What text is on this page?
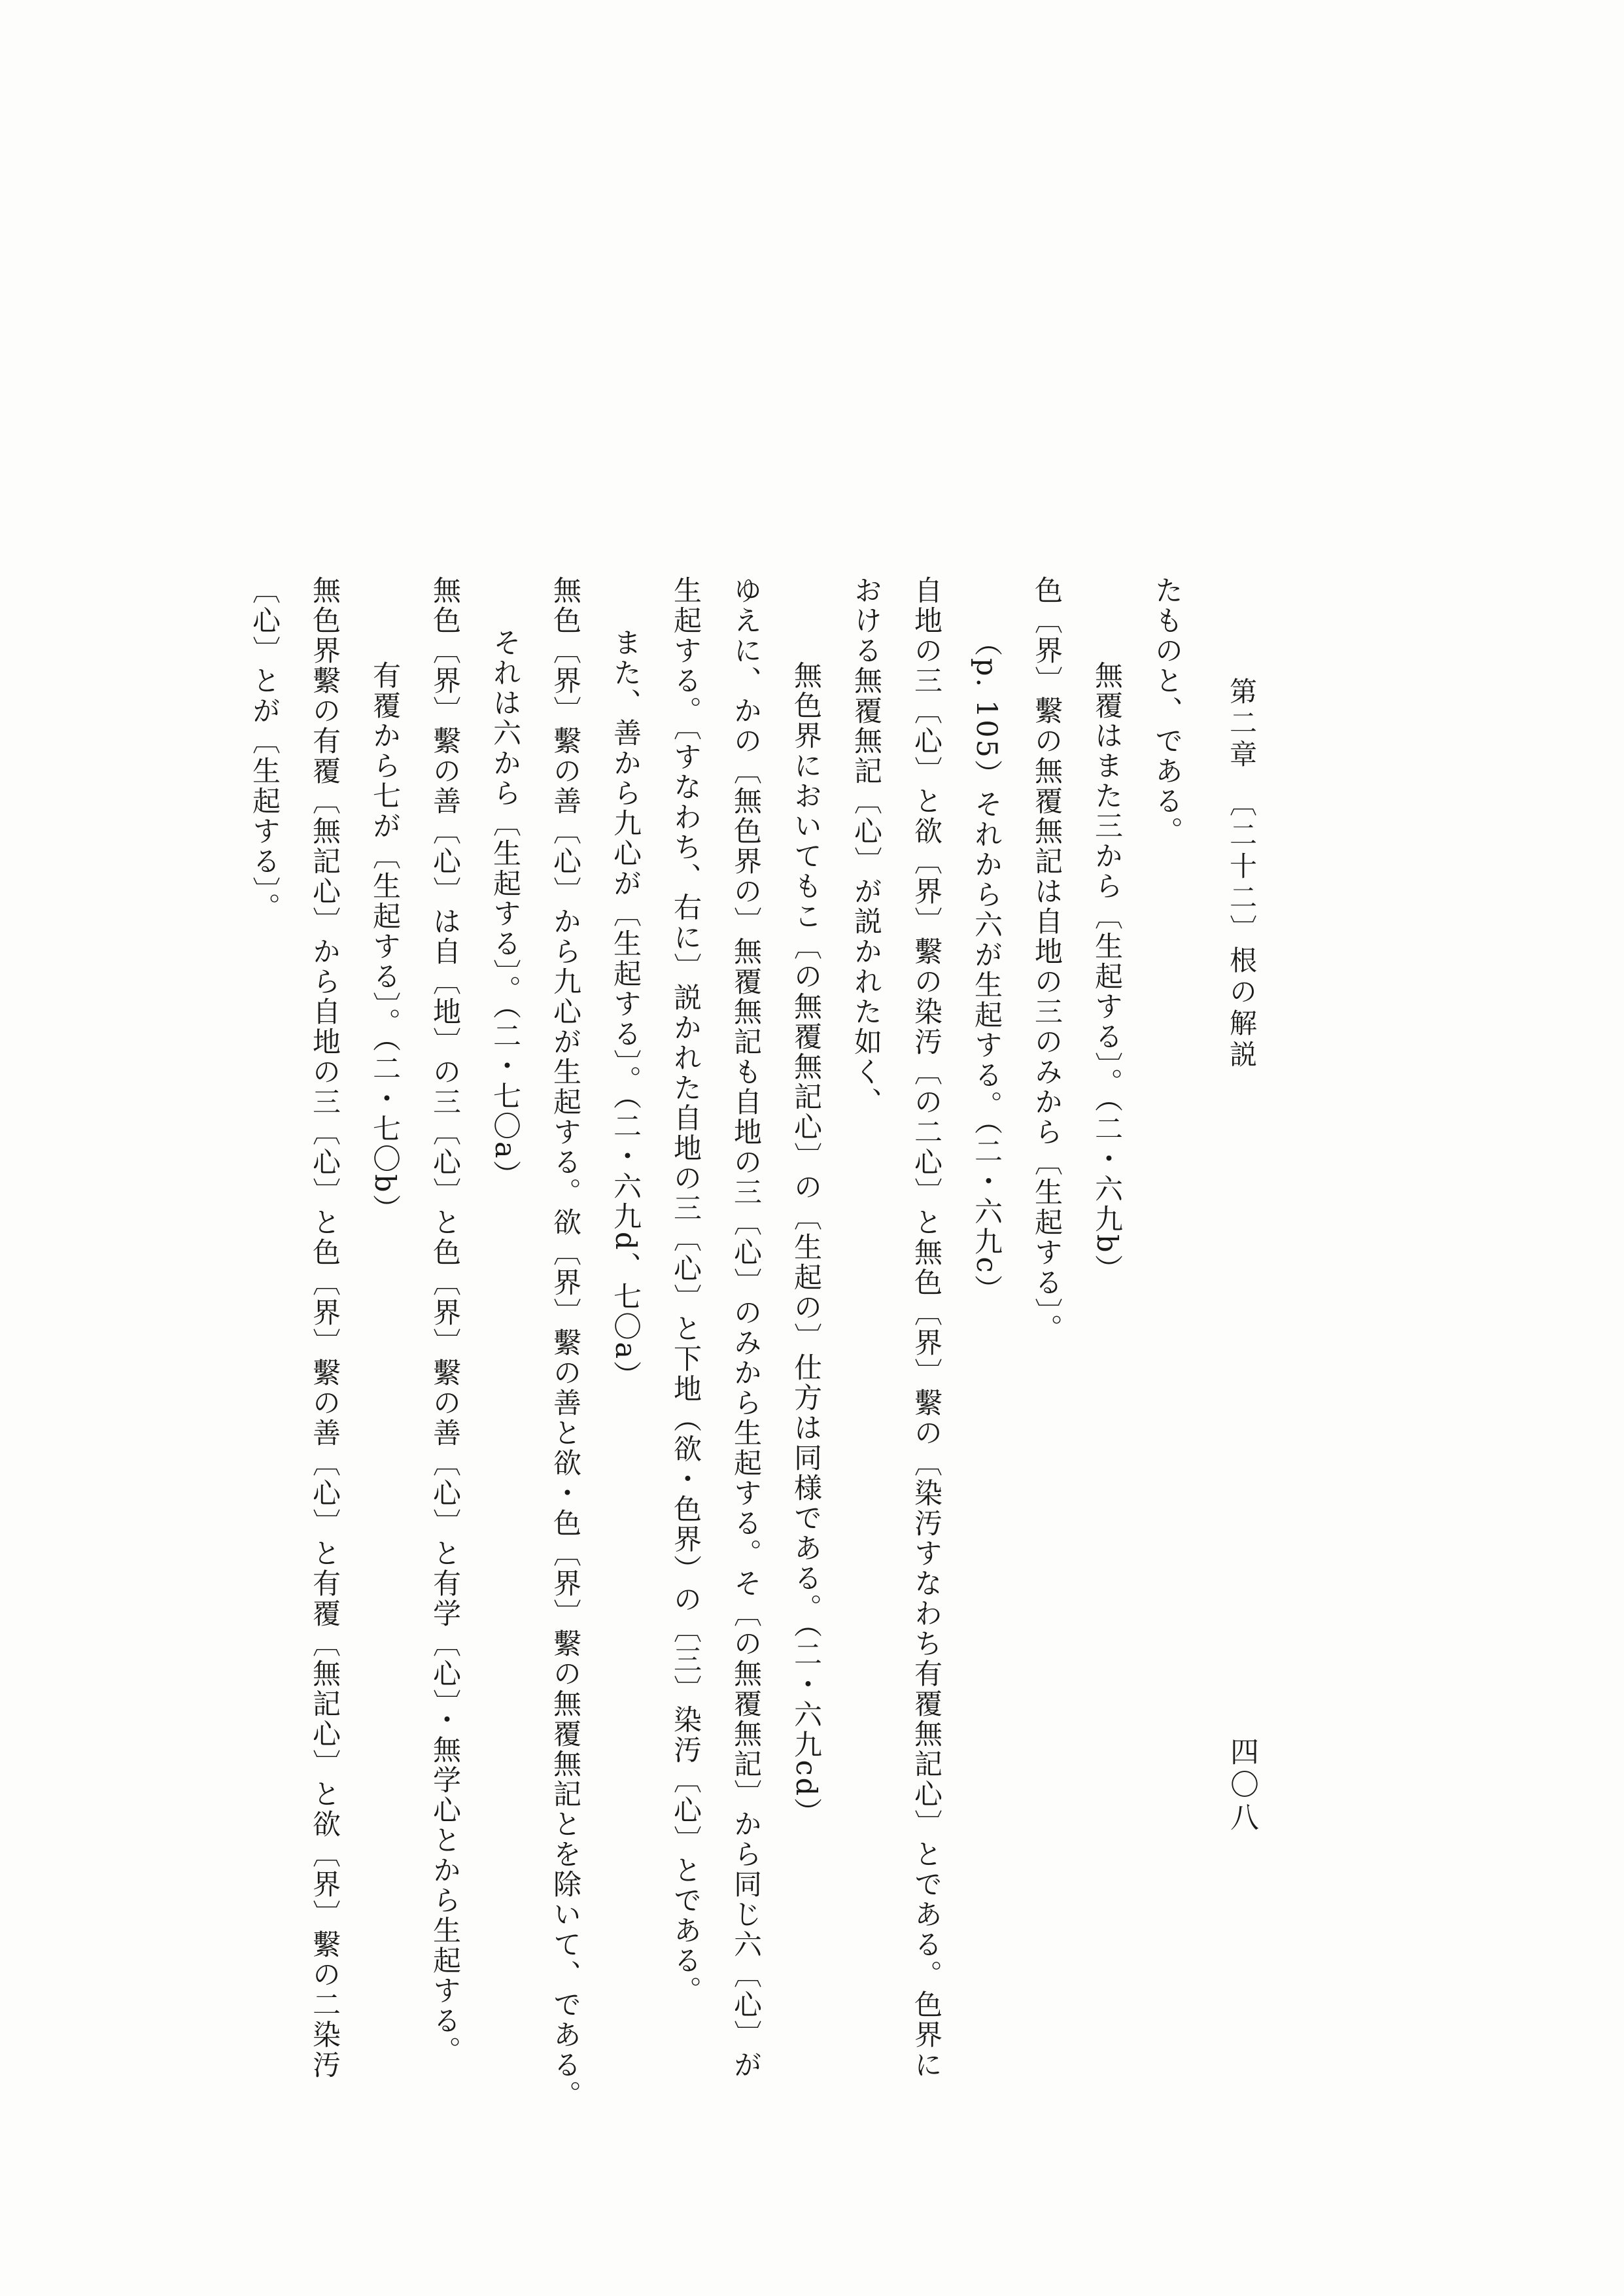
第二章　〔二十二〕根の解説
四〇八
たものと、である。
無覆はまた三から〔生起する〕。（二・六九b）
色〔界〕繫の無覆無記は自地の三のみから〔生起する〕。
（p. 105）それから六が生起する。（二・六九c）
自地の三〔心〕と欲〔界〕繫の染汚〔の二心〕と無色〔界〕繫の〔染汚すなわち有覆無記心〕とである。色界に
おける無覆無記〔心〕が説かれた如く、
無色界においてもこ〔の無覆無記心〕の〔生起の〕仕方は同様である。（二・六九cd）
ゆえに、かの〔無色界の〕無覆無記も自地の三〔心〕のみから生起する。そ〔の無覆無記〕から同じ六〔心〕が
生起する。〔すなわち、右に〕説かれた自地の三〔心〕と下地（欲・色界）の〔三〕染汚〔心〕とである。
また、善から九心が〔生起する〕。（二・六九d、七〇a）
無色〔界〕繫の善〔心〕から九心が生起する。欲〔界〕繫の善と欲・色〔界〕繫の無覆無記とを除いて、である。
それは六から〔生起する〕。（二・七〇a）
無色〔界〕繫の善〔心〕は自〔地〕の三〔心〕と色〔界〕繫の善〔心〕と有学〔心〕・無学心とから生起する。
有覆から七が〔生起する〕。（二・七〇b）
無色界繫の有覆〔無記心〕から自地の三〔心〕と色〔界〕繫の善〔心〕と有覆〔無記心〕と欲〔界〕繫の二染汚
〔心〕とが〔生起する〕。
